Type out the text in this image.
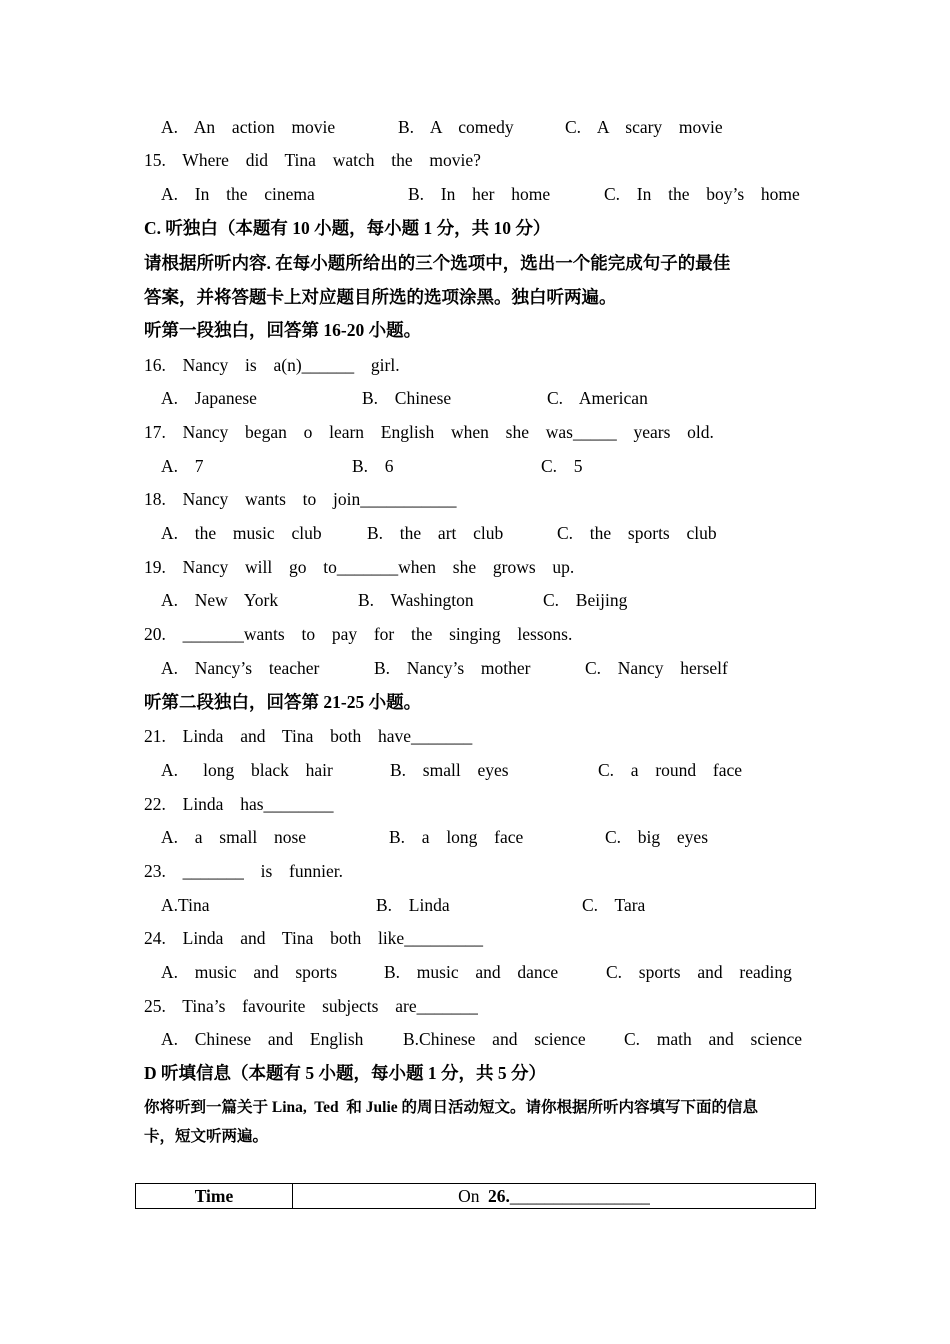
A.  An  action  movie	B.  A  comedy	C.  A  scary  movie
15.  Where  did  Tina  watch  the  movie?
A.  In  the  cinema	B.  In  her  home	C.  In  the  boy’s  home
C. 听独白（本题有 10 小题，每小题 1 分，共 10 分）
请根据所听内容. 在每小题所给出的三个选项中，选出一个能完成句子的最佳
答案，并将答题卡上对应题目所选的选项涂黑。独白听两遍。
听第一段独白，回答第 16-20 小题。
16.  Nancy  is  a(n)______  girl.
A.  Japanese	B.  Chinese	C.  American
17.  Nancy  began  o  learn  English  when  she  was_____  years  old.
A.  7	B.  6	C.  5
18.  Nancy  wants  to  join___________
A.  the  music  club	B.  the  art  club	C.  the  sports  club
19.  Nancy  will  go  to_______when  she  grows  up.
A.  New  York	B.  Washington	C.  Beijing
20.  _______wants  to  pay  for  the  singing  lessons.
A.  Nancy’s  teacher	B.  Nancy’s  mother	C.  Nancy  herself
听第二段独白，回答第 21-25 小题。
21.  Linda  and  Tina  both  have_______
A.   long  black  hair	B.  small  eyes	C.  a  round  face
22.  Linda  has________
A.  a  small  nose	B.  a  long  face	C.  big  eyes
23.  _______  is  funnier.
A.Tina	B.  Linda	C.  Tara
24.  Linda  and  Tina  both  like_________
A.  music  and  sports	B.  music  and  dance	C.  sports  and  reading
25.  Tina’s  favourite  subjects  are_______
A.  Chinese  and  English B.Chinese  and  science C.  math  and  science
D 听填信息（本题有 5 小题，每小题 1 分，共 5 分）
你将听到一篇关于 Lina,  Ted  和 Julie 的周日活动短文。请你根据所听内容填写下面的信息
卡，短文听两遍。
Time	On 26.________________
